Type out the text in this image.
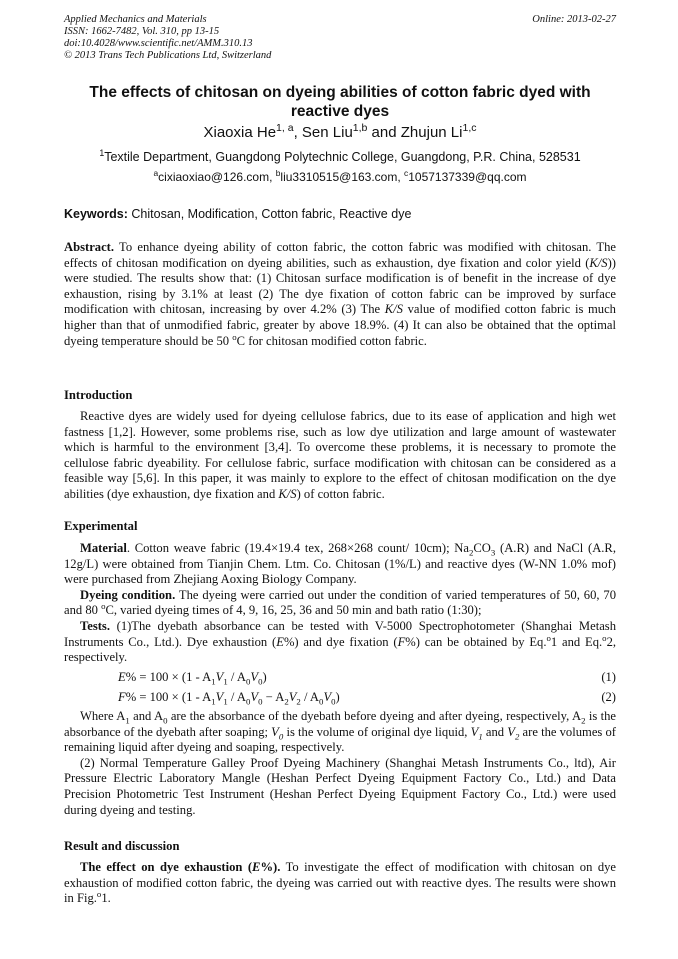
Applied Mechanics and Materials
ISSN: 1662-7482, Vol. 310, pp 13-15
doi:10.4028/www.scientific.net/AMM.310.13
© 2013 Trans Tech Publications Ltd, Switzerland
Online: 2013-02-27
The effects of chitosan on dyeing abilities of cotton fabric dyed with reactive dyes
Xiaoxia He$^{1, a}$, Sen Liu$^{1,b}$ and Zhujun Li$^{1,c}$
$^1$Textile Department, Guangdong Polytechnic College, Guangdong, P.R. China, 528531
$^a$cixiaoxiao@126.com, $^b$liu3310515@163.com, $^c$1057137339@qq.com
Keywords: Chitosan, Modification, Cotton fabric, Reactive dye

Abstract. To enhance dyeing ability of cotton fabric, the cotton fabric was modified with chitosan. The effects of chitosan modification on dyeing abilities, such as exhaustion, dye fixation and color yield (K/S)) were studied. The results show that: (1) Chitosan surface modification is of benefit in the increase of dye exhaustion, rising by 3.1% at least (2) The dye fixation of cotton fabric can be improved by surface modification with chitosan, increasing by over 4.2% (3) The K/S value of modified cotton fabric is much higher than that of unmodified fabric, greater by above 18.9%. (4) It can also be obtained that the optimal dyeing temperature should be 50 $^o$C for chitosan modified cotton fabric.

Introduction

Reactive dyes are widely used for dyeing cellulose fabrics, due to its ease of application and high wet fastness [1,2]. However, some problems rise, such as low dye utilization and large amount of wastewater which is harmful to the environment [3,4]. To overcome these problems, it is necessary to promote the cellulose fabric dyeability. For cellulose fabric, surface modification with chitosan can be considered as a feasible way [5,6]. In this paper, it was mainly to explore to the effect of chitosan modification on the dye abilities (dye exhaustion, dye fixation and K/S) of cotton fabric.

Experimental

Material. Cotton weave fabric (19.4×19.4 tex, 268×268 count/ 10cm); $Na_2CO_3$ (A.R) and NaCl (A.R, 12g/L) were obtained from Tianjin Chem. Ltm. Co. Chitosan (1%/L) and reactive dyes (W-NN 1.0% mof) were purchased from Zhejiang Aoxing Biology Company.

Dyeing condition. The dyeing were carried out under the condition of varied temperatures of 50, 60, 70 and 80 $^o$C, varied dyeing times of 4, 9, 16, 25, 36 and 50 min and bath ratio (1:30);

Tests. (1)The dyebath absorbance can be tested with V-5000 Spectrophotometer (Shanghai Metash Instruments Co., Ltd.). Dye exhaustion (E%) and dye fixation (F%) can be obtained by Eq.$^o$1 and Eq.$^o$2, respectively.

$E\% = 100 \times (1 - A_1V_1 / A_0V_0)$	(1)
$F\% = 100 \times (1 - A_1V_1 / A_0V_0 - A_2V_2 / A_0V_0)$	(2)

Where $A_1$ and $A_0$ are the absorbance of the dyebath before dyeing and after dyeing, respectively, $A_2$ is the absorbance of the dyebath after soaping; $V_0$ is the volume of original dye liquid, $V_1$ and $V_2$ are the volumes of remaining liquid after dyeing and soaping, respectively.

(2) Normal Temperature Galley Proof Dyeing Machinery (Shanghai Metash Instruments Co., ltd), Air Pressure Electric Laboratory Mangle (Heshan Perfect Dyeing Equipment Factory Co., Ltd.) and Data Precision Photometric Test Instrument (Heshan Perfect Dyeing Equipment Factory Co., Ltd.) were used during dyeing and testing.

Result and discussion

The effect on dye exhaustion (E%). To investigate the effect of modification with chitosan on dye exhaustion of modified cotton fabric, the dyeing was carried out with reactive dyes. The results were shown in Fig.$^o$1.
